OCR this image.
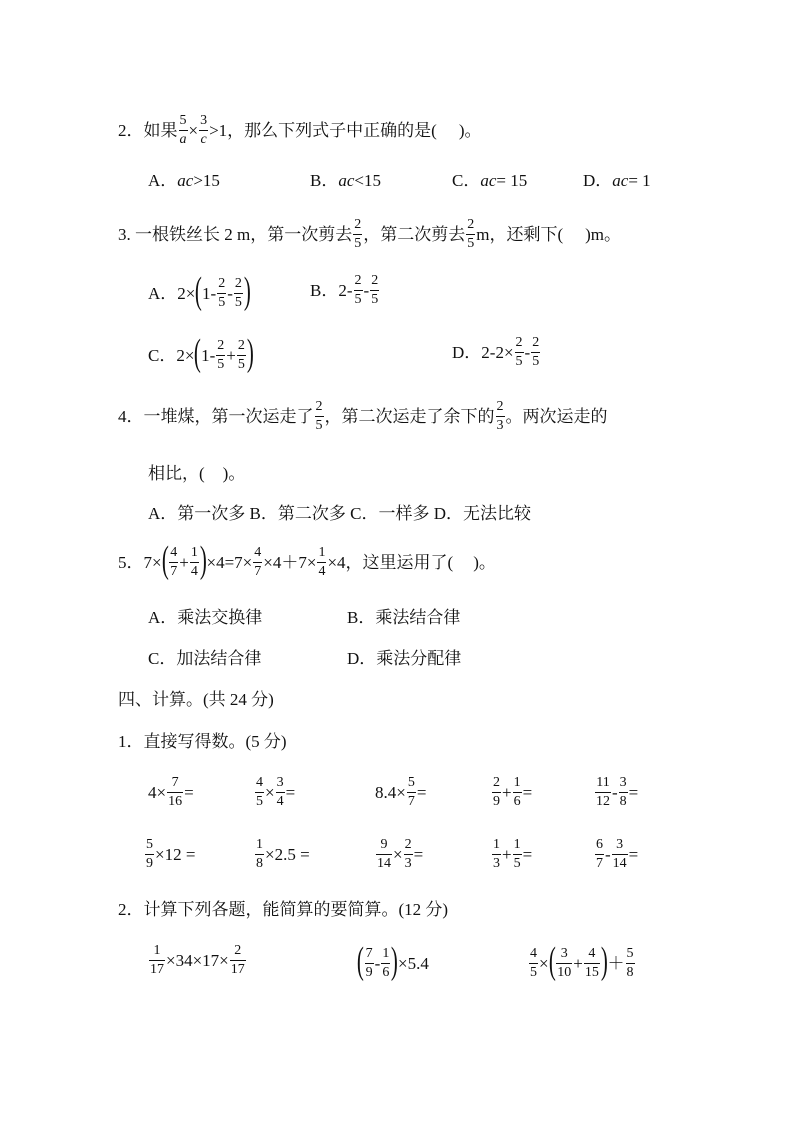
2．如果 $\frac{5}{a} \times \frac{3}{c} >1$，那么下列式子中正确的是( )。
A． ac >15	B． ac <15	C． ac = 15	D． ac = 1
3. 一根铁丝长 2 m，第一次剪去 $\frac{2}{5}$ ，第二次剪去 $\frac{2}{5}$ m，还剩下( )m。
A． 2× ( $1 - \frac{2}{5} - \frac{2}{5}$ )	B． $2 - \frac{2}{5} - \frac{2}{5}$
C． 2× ( $1 - \frac{2}{5} + \frac{2}{5}$ )	D． $2-2\times \frac{2}{5} - \frac{2}{5}$
4．一堆煤，第一次运走了 $\frac{2}{5}$ ，第二次运走了余下的 $\frac{2}{3}$ 。两次运走的
相比，( )。
A．第一次多 B．第二次多 C．一样多 D．无法比较
5． 7× ( $\frac{4}{7} + \frac{1}{4}$ ) $\times 4=7\times \frac{4}{7} \times 4+7\times \frac{1}{4} \times 4$，这里运用了( )。
A．乘法交换律	B．乘法结合律
C．加法结合律	D．乘法分配律
四、计算。(共 24 分)
1．直接写得数。(5 分)
$4\times \frac{7}{16}$ =	$\frac{4}{5} \times \frac{3}{4}$ =	$8.4\times \frac{5}{7}$ =	$\frac{2}{9} + \frac{1}{6}$ =	$\frac{11}{12} - \frac{3}{8}$ =
$\frac{5}{9} \times 12$ =	$\frac{1}{8} \times 2.5$ =	$\frac{9}{14} \times \frac{2}{3}$ =	$\frac{1}{3} + \frac{1}{5}$ =	$\frac{6}{7} - \frac{3}{14}$ =
2．计算下列各题，能简算的要简算。(12 分)
$\frac{1}{17} \times 34\times 17\times \frac{2}{17}$	( $\frac{7}{9} - \frac{1}{6}$ ) ×5.4	$\frac{4}{5}$ × ( $\frac{3}{10} + \frac{4}{15}$ ) ＋ $\frac{5}{8}$
